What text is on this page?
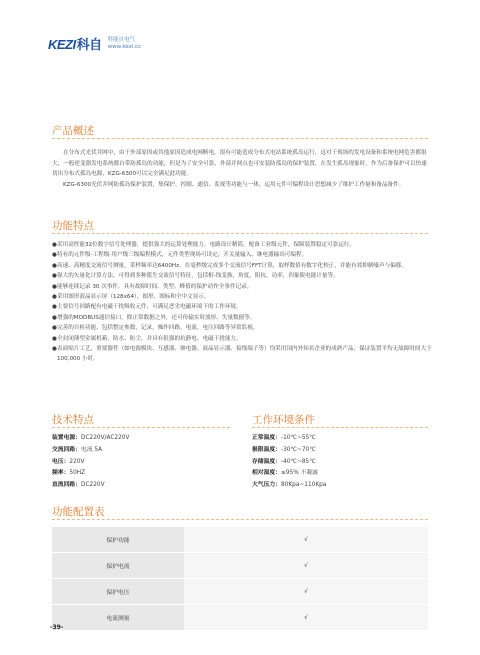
KEZI科自 科能自电气
www.kezi.cc
产品概述

在分布式光伏并网中，由于外部原因或其他原因造成电网断电，很有可能造成分布式电站系统孤岛运行，这对于现场的发电设备和系统电网危害都很大，一般逆变器发电系统都自带防孤岛的功能，但是为了安全可靠，外部并网点也可安装防孤岛的保护装置，在发生孤岛现象时，作为后备保护可以快速切出分布式孤岛电源，KZG-6300可以完全满足此功能。

KZG-6300光伏并网防孤岛保护装置，集保护、控制、通信、监视等功能与一体，运用元件可编程设计思想减少了维护工作量和备品备件。

功能特点
● 采用高性能32位数字信号处理器，提供强大的运算处理能力，电路设计精简，配备工业级元件，保障装置稳定可靠运行。
● 特有的元件级-工程级-用户级三级编程模式，元件类型现场可设定，开关量输入、继电器输出可编程。
● 高速、高精度交流信号测量，采样频率达6400Hz，在毫秒级完成多个交流信号FFT计算，取样数值有数字化校正，并能有效抑制噪声与偏移。
● 强大的矢量化计算方法，可得到多种派生交流信号特征，包括相-线变换，角度，阻抗，功率，四象限电能计量等。
● 能够连续记录 30 次事件，具有故障时间、类型、峰值的保护动作全事件记录。
● 采用图形液晶显示屏（128x64），图形、图标和全中文显示。
● 主要信号回路配有电磁干扰吸收元件，可满足恶劣电磁环境下的工作环境。
● 增强的MODBUS通信接口，除正常数据之外，还可传输实时波形、失量数据等。
● 完善的自检功能，包括整定参数，记录，操作回路，电流、电压回路等异常监视。
● 全封闭薄型金属机箱，防水、防尘，并具有很强的抗静电、电磁干扰能力。
● 表面贴片工艺，重要器件（如电源模块、互感器、继电器、液晶显示器、接线端子等）均采用国内外知名企业的成熟产品，保证装置平均无故障时间大于100,000 小时。
技术特点
装置电源：DC220V/AC220V
交流回路：电流 5A
电压：220V
频率：50HZ
直流回路：DC220V
工作环境条件
正常温度：-10℃~55℃
极限温度：-30℃~70℃
存储温度：-40℃~85℃
相对湿度：≤95% 不凝露
大气压力：80Kpa~110Kpa
功能配置表
保护功能	√
保护电流	√
保护电压	√
电流测量	√
-39-
